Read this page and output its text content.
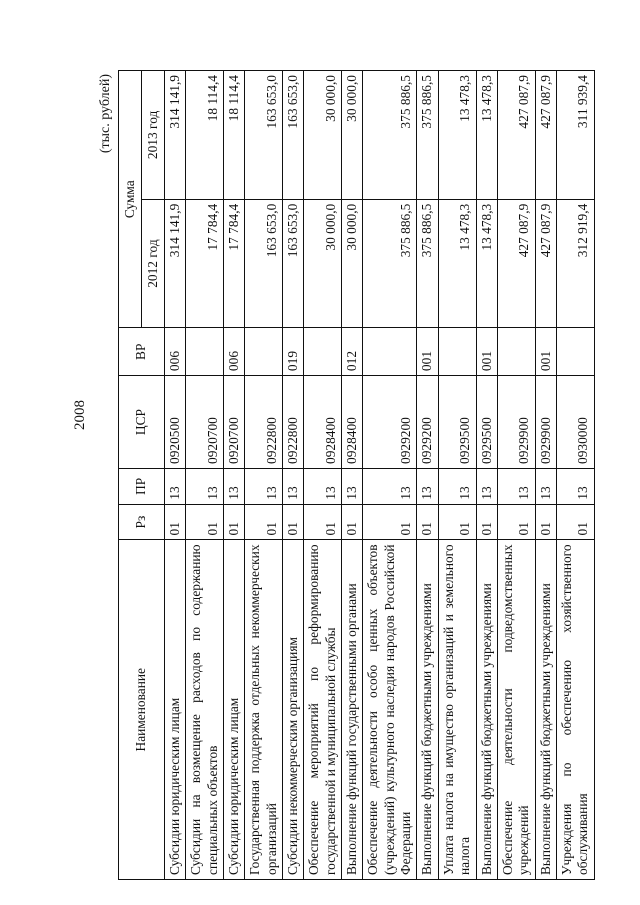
2008
(тыс. рублей)
Наименование	Рз	ПР	ЦСР	ВР	Сумма	
					2012 год	2013 год
Субсидии юридическим лицам	01	13	0920500	006	314 141,9	314 141,9
Субсидии на возмещение расходов по содержанию специальных объектов	01	13	0920700		17 784,4	18 114,4
Субсидии юридическим лицам	01	13	0920700	006	17 784,4	18 114,4
Государственная поддержка отдельных некоммерческих организаций	01	13	0922800		163 653,0	163 653,0
Субсидии некоммерческим организациям	01	13	0922800	019	163 653,0	163 653,0
Обеспечение мероприятий по реформированию государственной и муниципальной службы	01	13	0928400		30 000,0	30 000,0
Выполнение функций государственными органами	01	13	0928400	012	30 000,0	30 000,0
Обеспечение деятельности особо ценных объектов (учреждений) культурного наследия народов Российской Федерации	01	13	0929200		375 886,5	375 886,5
Выполнение функций бюджетными учреждениями	01	13	0929200	001	375 886,5	375 886,5
Уплата налога на имущество организаций и земельного налога	01	13	0929500		13 478,3	13 478,3
Выполнение функций бюджетными учреждениями	01	13	0929500	001	13 478,3	13 478,3
Обеспечение деятельности подведомственных учреждений	01	13	0929900		427 087,9	427 087,9
Выполнение функций бюджетными учреждениями	01	13	0929900	001	427 087,9	427 087,9
Учреждения по обеспечению хозяйственного обслуживания	01	13	0930000		312 919,4	311 939,4
